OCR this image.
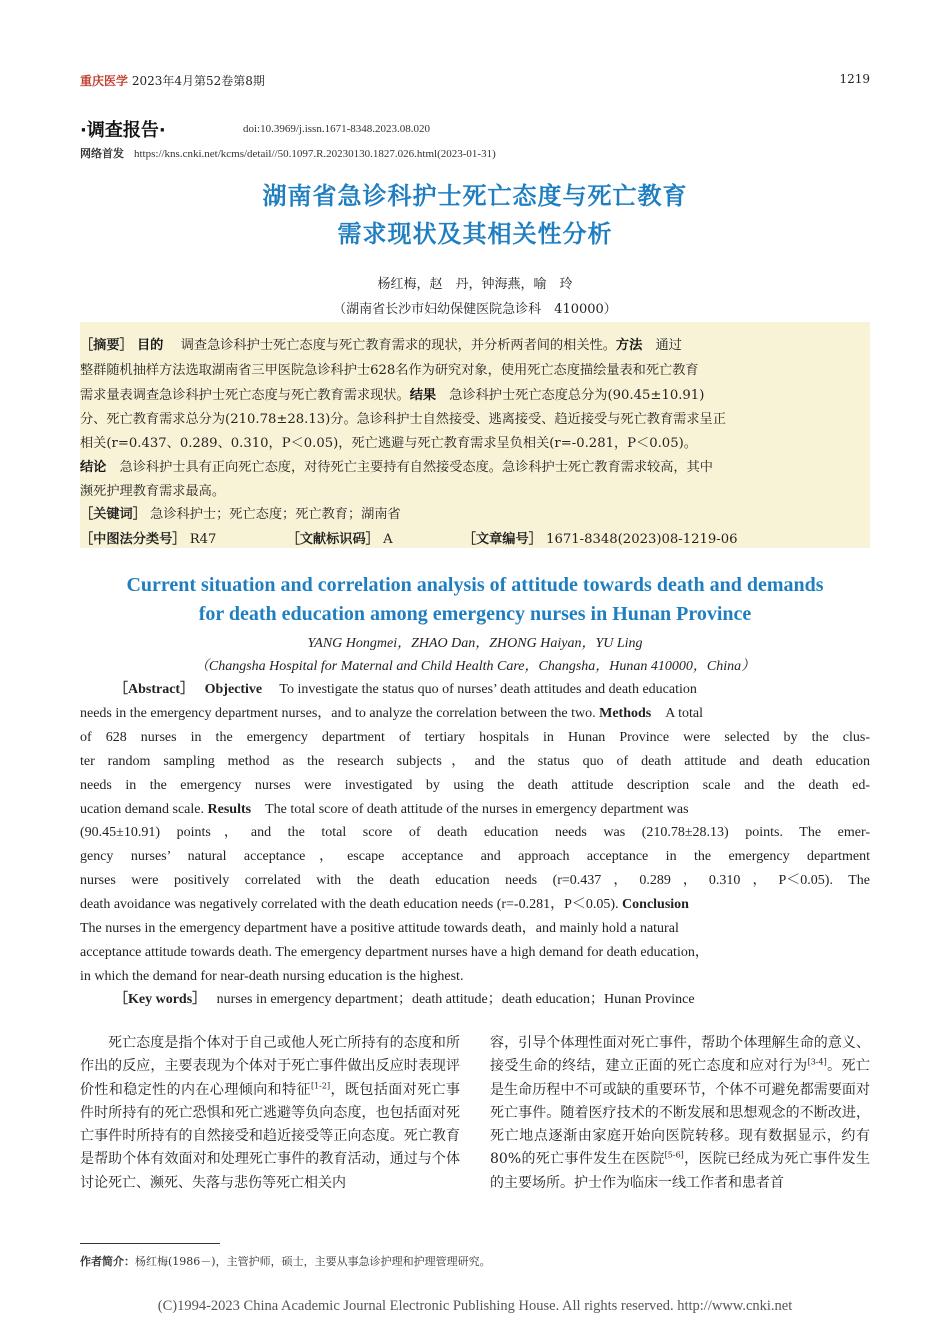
重庆医学 2023年4月第52卷第8期	1219
·调查报告·	doi:10.3969/j.issn.1671-8348.2023.08.020
网络首发 https://kns.cnki.net/kcms/detail//50.1097.R.20230130.1827.026.html(2023-01-31)
湖南省急诊科护士死亡态度与死亡教育
需求现状及其相关性分析
杨红梅，赵　丹，钟海燕，喻　玲
（湖南省长沙市妇幼保健医院急诊科　410000）
［摘要］ 目的　 调查急诊科护士死亡态度与死亡教育需求的现状，并分析两者间的相关性。方法　 通过
整群随机抽样方法选取湖南省三甲医院急诊科护士628名作为研究对象，使用死亡态度描绘量表和死亡教育
需求量表调查急诊科护士死亡态度与死亡教育需求现状。结果　 急诊科护士死亡态度总分为(90.45±10.91)
分、死亡教育需求总分为(210.78±28.13)分。急诊科护士自然接受、逃离接受、趋近接受与死亡教育需求呈正
相关(r=0.437、0.289、0.310，P＜0.05)，死亡逃避与死亡教育需求呈负相关(r=-0.281，P＜0.05)。
结论　 急诊科护士具有正向死亡态度，对待死亡主要持有自然接受态度。急诊科护士死亡教育需求较高，其中
濒死护理教育需求最高。
［关键词］ 急诊科护士；死亡态度；死亡教育；湖南省
［中图法分类号］ R47　　　　　	［文献标识码］ A　　　　　	［文章编号］ 1671-8348(2023)08-1219-06
Current situation and correlation analysis of attitude towards death and demands
for death education among emergency nurses in Hunan Province
YANG Hongmei，ZHAO Dan，ZHONG Haiyan，YU Ling
（Changsha Hospital for Maternal and Child Health Care，Changsha，Hunan 410000，China）
［Abstract］　 Objective　 To investigate the status quo of nurses’ death attitudes and death education
needs in the emergency department nurses，and to analyze the correlation between the two. Methods　 A total
of 628 nurses in the emergency department of tertiary hospitals in Hunan Province were selected by the clus-
ter random sampling method as the research subjects，and the status quo of death attitude and death education
needs in the emergency nurses were investigated by using the death attitude description scale and the death ed-
ucation demand scale. Results　 The total score of death attitude of the nurses in emergency department was
(90.45±10.91) points，and the total score of death education needs was (210.78±28.13) points. The emer-
gency nurses’ natural acceptance，escape acceptance and approach acceptance in the emergency department
nurses were positively correlated with the death education needs (r=0.437，0.289，0.310，P＜0.05). The
death avoidance was negatively correlated with the death education needs (r=-0.281，P＜0.05). Conclusion
The nurses in the emergency department have a positive attitude towards death，and mainly hold a natural
acceptance attitude towards death. The emergency department nurses have a high demand for death education，
in which the demand for near-death nursing education is the highest.
［Key words］　 nurses in emergency department；death attitude；death education；Hunan Province
死亡态度是指个体对于自己或他人死亡所持有的态度和所作出的反应，主要表现为个体对于死亡事件做出反应时表现评价性和稳定性的内在心理倾向和特征[1-2]，既包括面对死亡事件时所持有的死亡恐惧和死亡逃避等负向态度，也包括面对死亡事件时所持有的自然接受和趋近接受等正向态度。死亡教育是帮助个体有效面对和处理死亡事件的教育活动，通过与个体讨论死亡、濒死、失落与悲伤等死亡相关内
容，引导个体理性面对死亡事件，帮助个体理解生命的意义、接受生命的终结，建立正面的死亡态度和应对行为[3-4]。死亡是生命历程中不可或缺的重要环节，个体不可避免都需要面对死亡事件。随着医疗技术的不断发展和思想观念的不断改进，死亡地点逐渐由家庭开始向医院转移。现有数据显示，约有80%的死亡事件发生在医院[5-6]，医院已经成为死亡事件发生的主要场所。护士作为临床一线工作者和患者首
作者简介：杨红梅(1986－)，主管护师，硕士，主要从事急诊护理和护理管理研究。
(C)1994-2023 China Academic Journal Electronic Publishing House. All rights reserved. http://www.cnki.net
